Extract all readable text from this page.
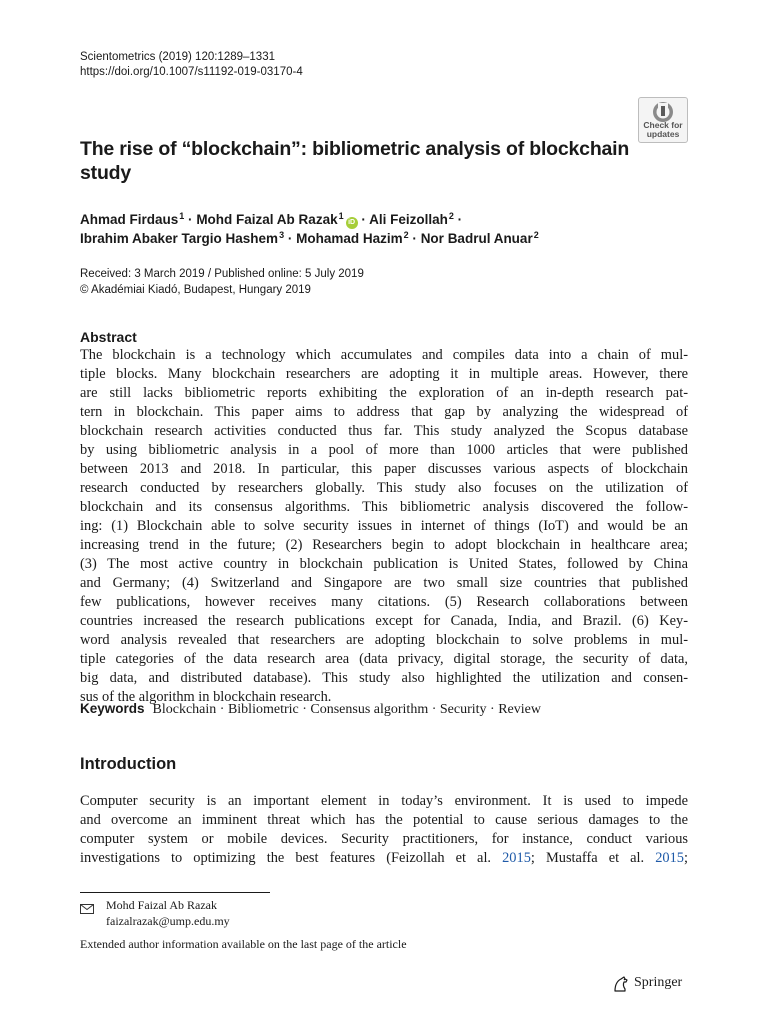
Scientometrics (2019) 120:1289–1331
https://doi.org/10.1007/s11192-019-03170-4
Check for
updates
The rise of “blockchain”: bibliometric analysis of blockchain study
Ahmad Firdaus$^1$ · Mohd Faizal Ab Razak$^1$iD · Ali Feizollah$^2$ ·
Ibrahim Abaker Targio Hashem$^3$ · Mohamad Hazim$^2$ · Nor Badrul Anuar$^2$
Received: 3 March 2019 / Published online: 5 July 2019
© Akadémiai Kiadó, Budapest, Hungary 2019
Abstract
The blockchain is a technology which accumulates and compiles data into a chain of mul-
tiple blocks. Many blockchain researchers are adopting it in multiple areas. However, there
are still lacks bibliometric reports exhibiting the exploration of an in-depth research pat-
tern in blockchain. This paper aims to address that gap by analyzing the widespread of
blockchain research activities conducted thus far. This study analyzed the Scopus database
by using bibliometric analysis in a pool of more than 1000 articles that were published
between 2013 and 2018. In particular, this paper discusses various aspects of blockchain
research conducted by researchers globally. This study also focuses on the utilization of
blockchain and its consensus algorithms. This bibliometric analysis discovered the follow-
ing: (1) Blockchain able to solve security issues in internet of things (IoT) and would be an
increasing trend in the future; (2) Researchers begin to adopt blockchain in healthcare area;
(3) The most active country in blockchain publication is United States, followed by China
and Germany; (4) Switzerland and Singapore are two small size countries that published
few publications, however receives many citations. (5) Research collaborations between
countries increased the research publications except for Canada, India, and Brazil. (6) Key-
word analysis revealed that researchers are adopting blockchain to solve problems in mul-
tiple categories of the data research area (data privacy, digital storage, the security of data,
big data, and distributed database). This study also highlighted the utilization and consen-
sus of the algorithm in blockchain research.
Keywords Blockchain · Bibliometric · Consensus algorithm · Security · Review
Introduction
Computer security is an important element in today’s environment. It is used to impede
and overcome an imminent threat which has the potential to cause serious damages to the
computer system or mobile devices. Security practitioners, for instance, conduct various
investigations to optimizing the best features (Feizollah et al. 2015; Mustaffa et al. 2015;
Mohd Faizal Ab Razak
faizalrazak@ump.edu.my
Extended author information available on the last page of the article
Springer
